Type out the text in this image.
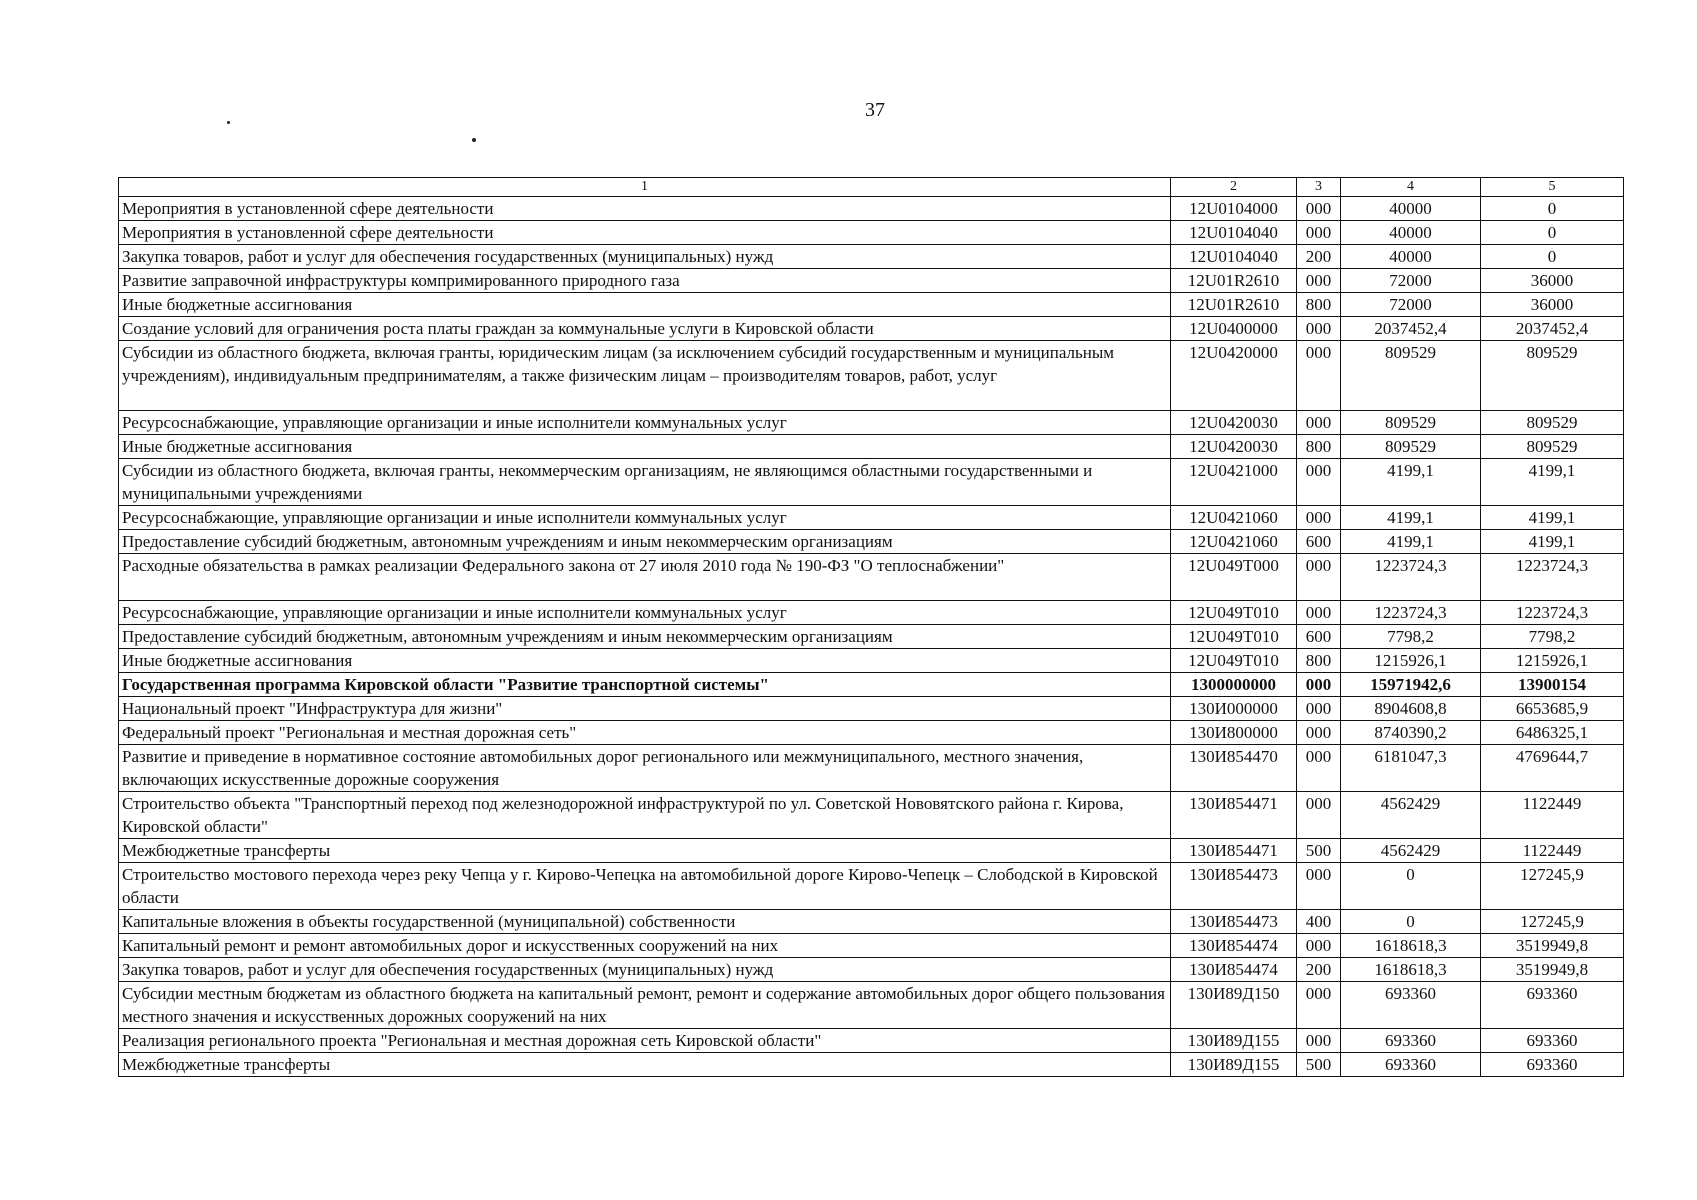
37
1	2	3	4	5
Мероприятия в установленной сфере деятельности	12U0104000	000	40000	0
Мероприятия в установленной сфере деятельности	12U0104040	000	40000	0
Закупка товаров, работ и услуг для обеспечения государственных (муниципальных) нужд	12U0104040	200	40000	0
Развитие заправочной инфраструктуры компримированного природного газа	12U01R2610	000	72000	36000
Иные бюджетные ассигнования	12U01R2610	800	72000	36000
Создание условий для ограничения роста платы граждан за коммунальные услуги в Кировской области	12U0400000	000	2037452,4	2037452,4
Субсидии из областного бюджета, включая гранты, юридическим лицам (за исключением субсидий государственным и муниципальным учреждениям), индивидуальным предпринимателям, а также физическим лицам – производителям товаров, работ, услуг	12U0420000	000	809529	809529
Ресурсоснабжающие, управляющие организации и иные исполнители коммунальных услуг	12U0420030	000	809529	809529
Иные бюджетные ассигнования	12U0420030	800	809529	809529
Субсидии из областного бюджета, включая гранты, некоммерческим организациям, не являющимся областными государственными и муниципальными учреждениями	12U0421000	000	4199,1	4199,1
Ресурсоснабжающие, управляющие организации и иные исполнители коммунальных услуг	12U0421060	000	4199,1	4199,1
Предоставление субсидий бюджетным, автономным учреждениям и иным некоммерческим организациям	12U0421060	600	4199,1	4199,1
Расходные обязательства в рамках реализации Федерального закона от 27 июля 2010 года № 190-ФЗ "О теплоснабжении"	12U049T000	000	1223724,3	1223724,3
Ресурсоснабжающие, управляющие организации и иные исполнители коммунальных услуг	12U049T010	000	1223724,3	1223724,3
Предоставление субсидий бюджетным, автономным учреждениям и иным некоммерческим организациям	12U049T010	600	7798,2	7798,2
Иные бюджетные ассигнования	12U049T010	800	1215926,1	1215926,1
Государственная программа Кировской области "Развитие транспортной системы"	1300000000	000	15971942,6	13900154
Национальный проект "Инфраструктура для жизни"	130И000000	000	8904608,8	6653685,9
Федеральный проект "Региональная и местная дорожная сеть"	130И800000	000	8740390,2	6486325,1
Развитие и приведение в нормативное состояние автомобильных дорог регионального или межмуниципального, местного значения, включающих искусственные дорожные сооружения	130И854470	000	6181047,3	4769644,7
Строительство объекта "Транспортный переход под железнодорожной инфраструктурой по ул. Советской Нововятского района г. Кирова, Кировской области"	130И854471	000	4562429	1122449
Межбюджетные трансферты	130И854471	500	4562429	1122449
Строительство мостового перехода через реку Чепца у г. Кирово-Чепецка на автомобильной дороге Кирово-Чепецк – Слободской в Кировской области	130И854473	000	0	127245,9
Капитальные вложения в объекты государственной (муниципальной) собственности	130И854473	400	0	127245,9
Капитальный ремонт и ремонт автомобильных дорог и искусственных сооружений на них	130И854474	000	1618618,3	3519949,8
Закупка товаров, работ и услуг для обеспечения государственных (муниципальных) нужд	130И854474	200	1618618,3	3519949,8
Субсидии местным бюджетам из областного бюджета на капитальный ремонт, ремонт и содержание автомобильных дорог общего пользования местного значения и искусственных дорожных сооружений на них	130И89Д150	000	693360	693360
Реализация регионального проекта "Региональная и местная дорожная сеть Кировской области"	130И89Д155	000	693360	693360
Межбюджетные трансферты	130И89Д155	500	693360	693360
